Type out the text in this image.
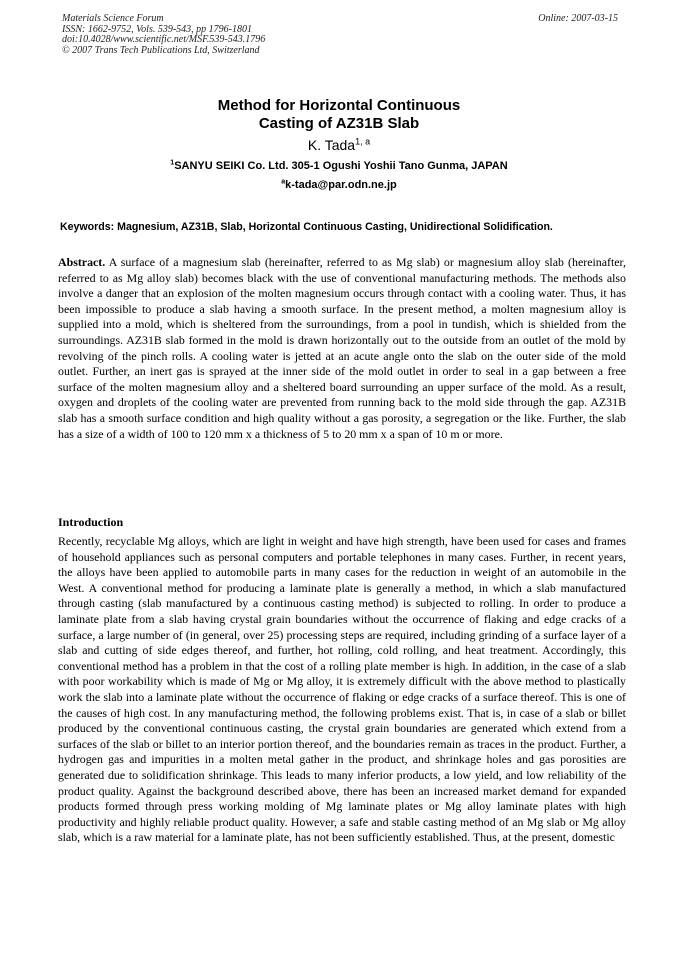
Materials Science Forum
ISSN: 1662-9752, Vols. 539-543, pp 1796-1801
doi:10.4028/www.scientific.net/MSF.539-543.1796
© 2007 Trans Tech Publications Ltd, Switzerland
Online: 2007-03-15
Method for Horizontal Continuous
Casting of AZ31B Slab
K. Tada$^{1, a}$
$^1$SANYU SEIKI Co. Ltd. 305-1 Ogushi Yoshii Tano Gunma, JAPAN
$^a$k-tada@par.odn.ne.jp
Keywords: Magnesium, AZ31B, Slab, Horizontal Continuous Casting, Unidirectional Solidification.
Abstract. A surface of a magnesium slab (hereinafter, referred to as Mg slab) or magnesium alloy slab (hereinafter, referred to as Mg alloy slab) becomes black with the use of conventional manufacturing methods. The methods also involve a danger that an explosion of the molten magnesium occurs through contact with a cooling water. Thus, it has been impossible to produce a slab having a smooth surface. In the present method, a molten magnesium alloy is supplied into a mold, which is sheltered from the surroundings, from a pool in tundish, which is shielded from the surroundings. AZ31B slab formed in the mold is drawn horizontally out to the outside from an outlet of the mold by revolving of the pinch rolls. A cooling water is jetted at an acute angle onto the slab on the outer side of the mold outlet. Further, an inert gas is sprayed at the inner side of the mold outlet in order to seal in a gap between a free surface of the molten magnesium alloy and a sheltered board surrounding an upper surface of the mold. As a result, oxygen and droplets of the cooling water are prevented from running back to the mold side through the gap. AZ31B slab has a smooth surface condition and high quality without a gas porosity, a segregation or the like. Further, the slab has a size of a width of 100 to 120 mm x a thickness of 5 to 20 mm x a span of 10 m or more.
Introduction
Recently, recyclable Mg alloys, which are light in weight and have high strength, have been used for cases and frames of household appliances such as personal computers and portable telephones in many cases. Further, in recent years, the alloys have been applied to automobile parts in many cases for the reduction in weight of an automobile in the West. A conventional method for producing a laminate plate is generally a method, in which a slab manufactured through casting (slab manufactured by a continuous casting method) is subjected to rolling. In order to produce a laminate plate from a slab having crystal grain boundaries without the occurrence of flaking and edge cracks of a surface, a large number of (in general, over 25) processing steps are required, including grinding of a surface layer of a slab and cutting of side edges thereof, and further, hot rolling, cold rolling, and heat treatment. Accordingly, this conventional method has a problem in that the cost of a rolling plate member is high. In addition, in the case of a slab with poor workability which is made of Mg or Mg alloy, it is extremely difficult with the above method to plastically work the slab into a laminate plate without the occurrence of flaking or edge cracks of a surface thereof. This is one of the causes of high cost. In any manufacturing method, the following problems exist. That is, in case of a slab or billet produced by the conventional continuous casting, the crystal grain boundaries are generated which extend from a surfaces of the slab or billet to an interior portion thereof, and the boundaries remain as traces in the product. Further, a hydrogen gas and impurities in a molten metal gather in the product, and shrinkage holes and gas porosities are generated due to solidification shrinkage. This leads to many inferior products, a low yield, and low reliability of the product quality. Against the background described above, there has been an increased market demand for expanded products formed through press working molding of Mg laminate plates or Mg alloy laminate plates with high productivity and highly reliable product quality. However, a safe and stable casting method of an Mg slab or Mg alloy slab, which is a raw material for a laminate plate, has not been sufficiently established. Thus, at the present, domestic
